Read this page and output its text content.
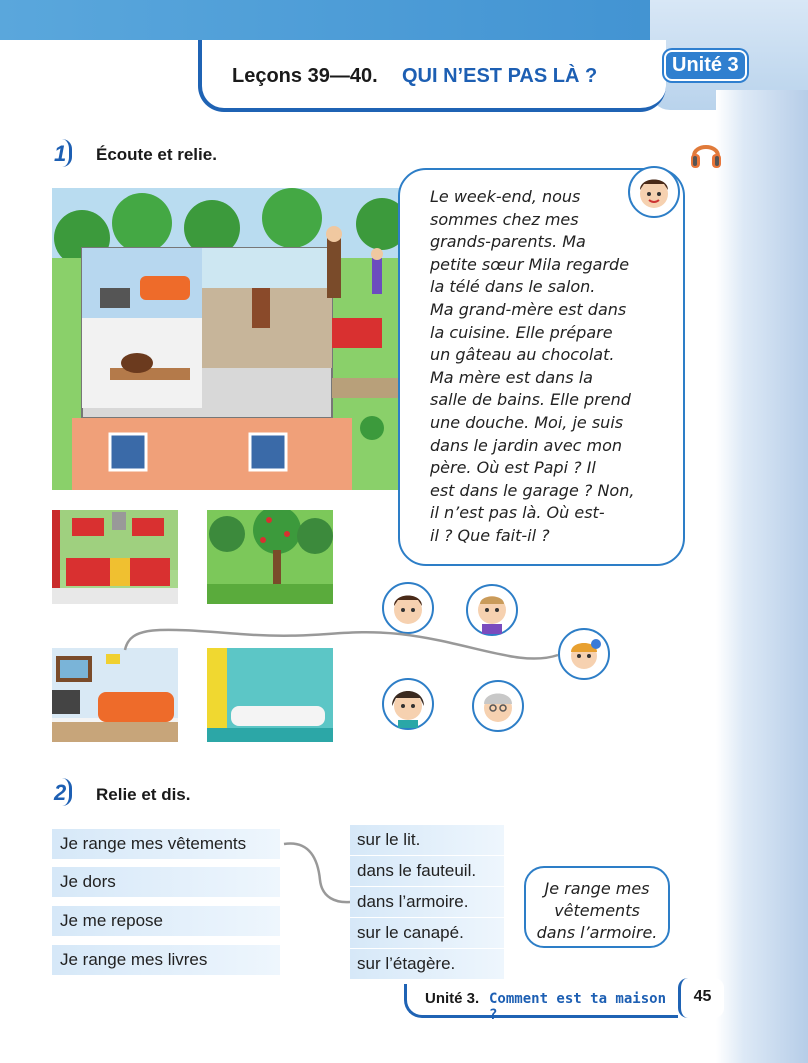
Leçons 39—40. QUI N’EST PAS LÀ ?	Unité 3
1 Écoute et relie.
Le week-end, nous
sommes chez mes
grands-parents. Ma
petite sœur Mila regarde
la télé dans le salon.
Ma grand-mère est dans
la cuisine. Elle prépare
un gâteau au chocolat.
Ma mère est dans la
salle de bains. Elle prend
une douche. Moi, je suis
dans le jardin avec mon
père. Où est Papi ? Il
est dans le garage ? Non,
il n’est pas là. Où est-
il ? Que fait-il ?
2 Relie et dis.
Je range mes vêtements
Je dors
Je me repose
Je range mes livres
sur le lit.
dans le fauteuil.
dans l’armoire.
sur le canapé.
sur l’étagère.
Je range mes
vêtements
dans l’armoire.
Unité 3. Comment est ta maison ?
45
